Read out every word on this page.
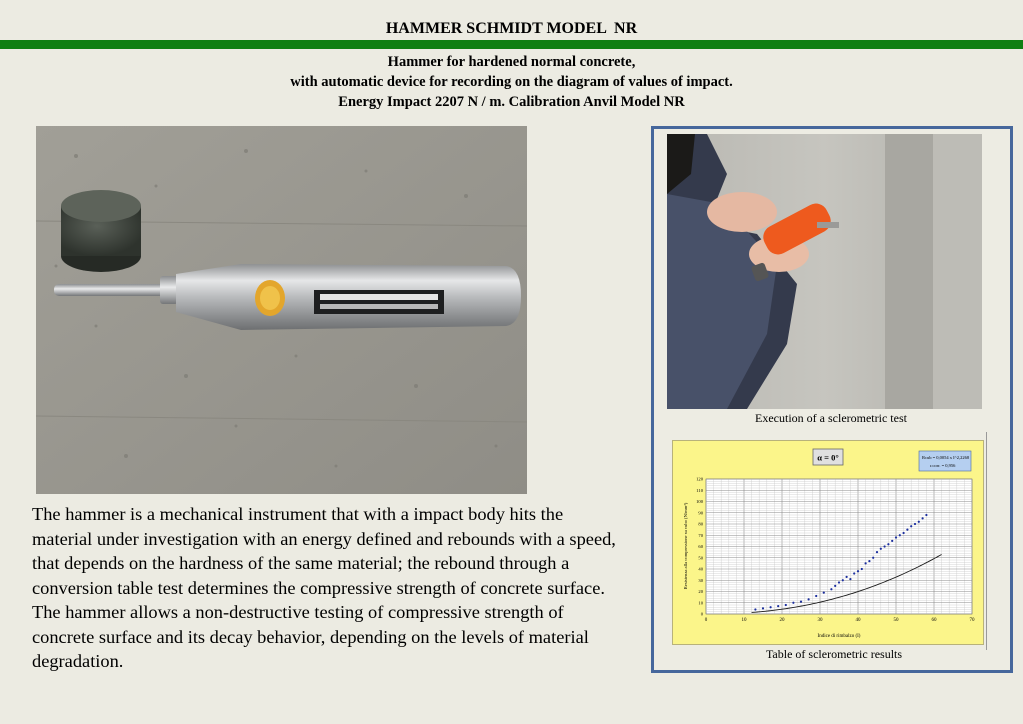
HAMMER SCHMIDT MODEL  NR
Hammer for hardened normal concrete,
with automatic device for recording on the diagram of values of impact.
Energy Impact 2207 N / m. Calibration Anvil Model NR
The hammer is a mechanical instrument that with a impact body hits the material under investigation with an energy defined and rebounds with a speed, that depends on the hardness of the same material; the rebound through a conversion table test determines the compressive strength of concrete surface. The hammer allows a non-destructive testing of compressive strength of concrete surface and its decay behavior, depending on the levels of material degradation.
Execution of a sclerometric test
α = 0°	Rcub = 0,0054 x I^2,2268
r.corr. = 0,956
0	10	20	30	40	50	60	70
0
10
20
30
40
50
60
70
80
90
100
110
120
Indice di rimbalzo (I)
Resistenza alla compressione su cubo (N/mm²)
Table of sclerometric results
